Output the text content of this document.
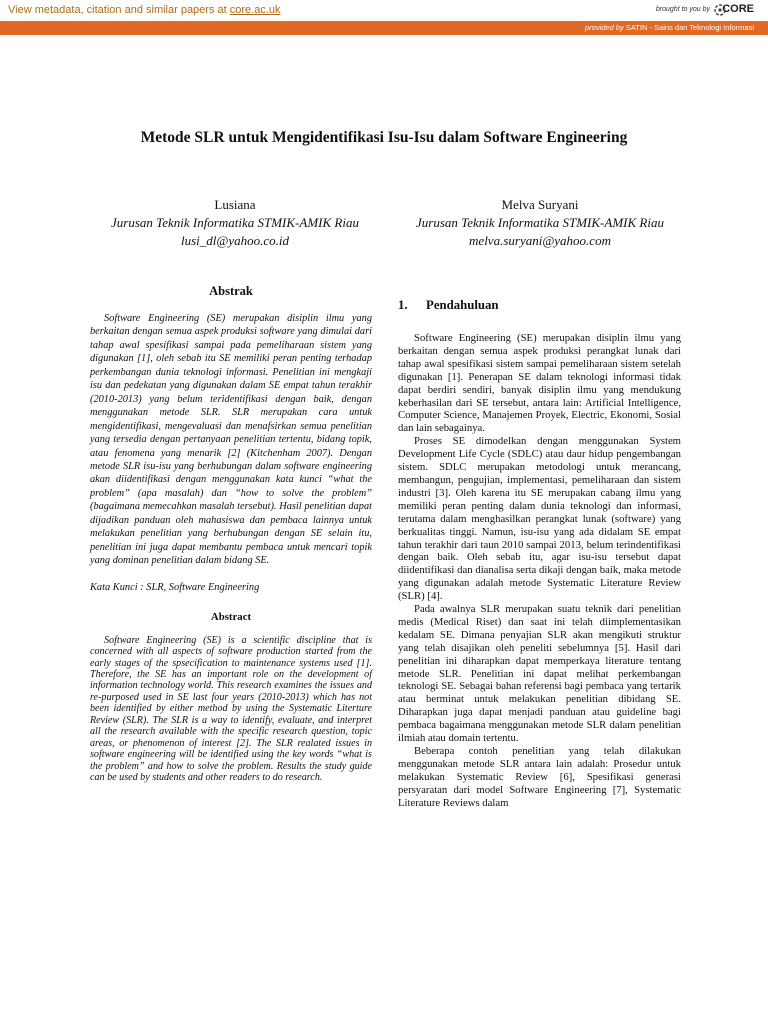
View metadata, citation and similar papers at core.ac.uk	brought to you by CORE
provided by SATIN - Sains dan Teknologi Informasi
Metode SLR untuk Mengidentifikasi Isu-Isu dalam Software Engineering
Lusiana
Jurusan Teknik Informatika STMIK-AMIK Riau
lusi_dl@yahoo.co.id
Melva Suryani
Jurusan Teknik Informatika STMIK-AMIK Riau
melva.suryani@yahoo.com
Abstrak

Software Engineering (SE) merupakan disiplin ilmu yang berkaitan dengan semua aspek produksi software yang dimulai dari tahap awal spesifikasi sampai pada pemeliharaan sistem yang digunakan [1], oleh sebab itu SE memiliki peran penting terhadap perkembangan dunia teknologi informasi. Penelitian ini mengkaji isu dan pedekatan yang digunakan dalam SE empat tahun terakhir (2010-2013) yang belum teridentifikasi dengan baik, dengan menggunakan metode SLR. SLR merupakan cara untuk mengidentifikasi, mengevaluasi dan menafsirkan semua penelitian yang tersedia dengan pertanyaan penelitian tertentu, bidang topik, atau fenomena yang menarik [2] (Kitchenham 2007). Dengan metode SLR isu-isu yang berhubungan dalam software engineering akan diidentifikasi dengan menggunakan kata kunci “what the problem” (apa masalah) dan “how to solve the problem” (bagaimana memecahkan masalah tersebut). Hasil penelitian dapat dijadikan panduan oleh mahasiswa dan pembaca lainnya untuk melakukan penelitian yang berhubungan dengan SE selain itu, penelitian ini juga dapat membantu pembaca untuk mencari topik yang dominan penelitian dalam bidang SE.

Kata Kunci : SLR, Software Engineering

Abstract

Software Engineering (SE) is a scientific discipline that is concerned with all aspects of software production started from the early stages of the spsecification to maintenance systems used [1]. Therefore, the SE has an important role on the development of information technology world. This research examines the issues and re-purposed used in SE last four years (2010-2013) which has not been identified by either method by using the Systematic Literture Review (SLR). The SLR is a way to identify, evaluate, and interpret all the research available with the specific research question, topic areas, or phenomenon of interest [2]. The SLR realated issues in software engineering will be identified using the key words “what is the problem” and how to solve the problem. Results the study guide can be used by students and other readers to do research.

1. Pendahuluan

Software Engineering (SE) merupakan disiplin ilmu yang berkaitan dengan semua aspek produksi perangkat lunak dari tahap awal spesifikasi sistem sampai pemeliharaan sistem setelah digunakan [1]. Penerapan SE dalam teknologi informasi tidak dapat berdiri sendiri, banyak disiplin ilmu yang mendukung keberhasilan dari SE tersebut, antara lain: Artificial Intelligence, Computer Science, Manajemen Proyek, Electric, Ekonomi, Sosial dan lain sebagainya.

Proses SE dimodelkan dengan menggunakan System Development Life Cycle (SDLC) atau daur hidup pengembangan sistem. SDLC merupakan metodologi untuk merancang, membangun, pengujian, implementasi, pemeliharaan dan sistem industri [3]. Oleh karena itu SE merupakan cabang ilmu yang memiliki peran penting dalam dunia teknologi dan informasi, terutama dalam menghasilkan perangkat lunak (software) yang berkualitas tinggi. Namun, isu-isu yang ada didalam SE empat tahun terakhir dari taun 2010 sampai 2013, belum terindentifikasi dengan baik. Oleh sebab itu, agar isu-isu tersebut dapat diidentifikasi dan dianalisa serta dikaji dengan baik, maka metode yang digunakan adalah metode Systematic Literature Review (SLR) [4].

Pada awalnya SLR merupakan suatu teknik dari penelitian medis (Medical Riset) dan saat ini telah diimplementasikan kedalam SE. Dimana penyajian SLR akan mengikuti struktur yang telah disajikan oleh peneliti sebelumnya [5]. Hasil dari penelitian ini diharapkan dapat memperkaya literature tentang metode SLR. Penelitian ini dapat melihat perkembangan teknologi SE. Sebagai bahan referensi bagi pembaca yang tertarik atau berminat untuk melakukan penelitian dibidang SE. Diharapkan juga dapat menjadi panduan atau guideline bagi pembaca bagaimana menggunakan metode SLR dalam penelitian ilmiah atau domain tertentu.

Beberapa contoh penelitian yang telah dilakukan menggunakan metode SLR antara lain adalah: Prosedur untuk melakukan Systematic Review [6], Spesifikasi generasi persyaratan dari model Software Engineering [7], Systematic Literature Reviews dalam
